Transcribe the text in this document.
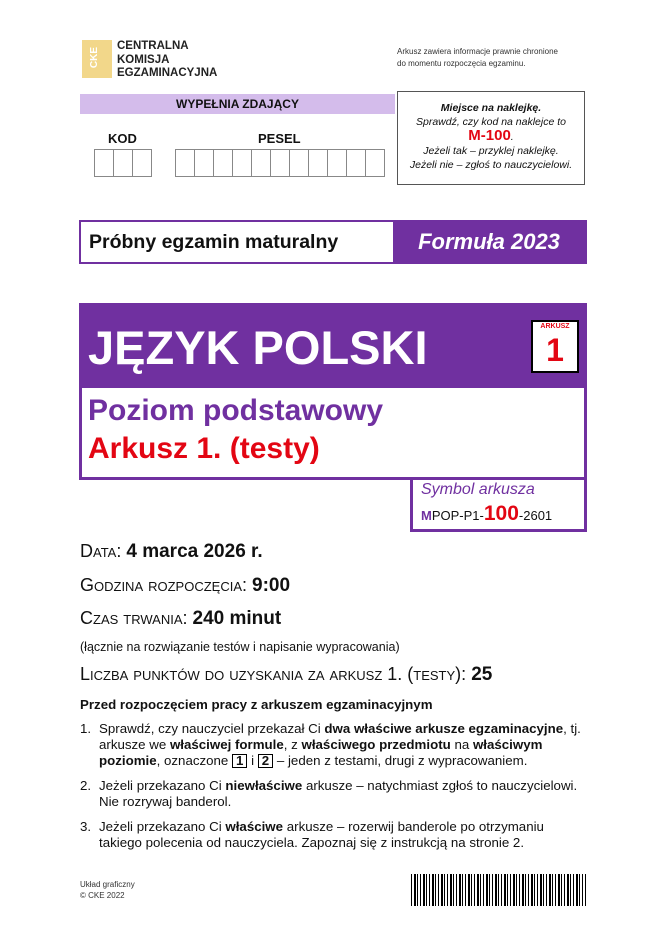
CKE
CENTRALNA
KOMISJA
EGZAMINACYJNA
Arkusz zawiera informacje prawnie chronione
do momentu rozpoczęcia egzaminu.
WYPEŁNIA ZDAJĄCY
KOD	PESEL
Miejsce na naklejkę.
Sprawdź, czy kod na naklejce to
M-100.
Jeżeli tak – przyklej naklejkę.
Jeżeli nie – zgłoś to nauczycielowi.
Próbny egzamin maturalny	Formuła 2023
JĘZYK POLSKI	ARKUSZ
1
Poziom podstawowy
Arkusz 1. (testy)
Symbol arkusza
MPOP-P1-100-2601
Data: 4 marca 2026 r.
Godzina rozpoczęcia: 9:00
Czas trwania: 240 minut
(łącznie na rozwiązanie testów i napisanie wypracowania)
Liczba punktów do uzyskania za arkusz 1. (testy): 25
Przed rozpoczęciem pracy z arkuszem egzaminacyjnym
1. Sprawdź, czy nauczyciel przekazał Ci dwa właściwe arkusze egzaminacyjne, tj. arkusze we właściwej formule, z właściwego przedmiotu na właściwym poziomie, oznaczone 1 i 2 – jeden z testami, drugi z wypracowaniem.
2. Jeżeli przekazano Ci niewłaściwe arkusze – natychmiast zgłoś to nauczycielowi. Nie rozrywaj banderol.
3. Jeżeli przekazano Ci właściwe arkusze – rozerwij banderole po otrzymaniu takiego polecenia od nauczyciela. Zapoznaj się z instrukcją na stronie 2.
Układ graficzny
© CKE 2022
